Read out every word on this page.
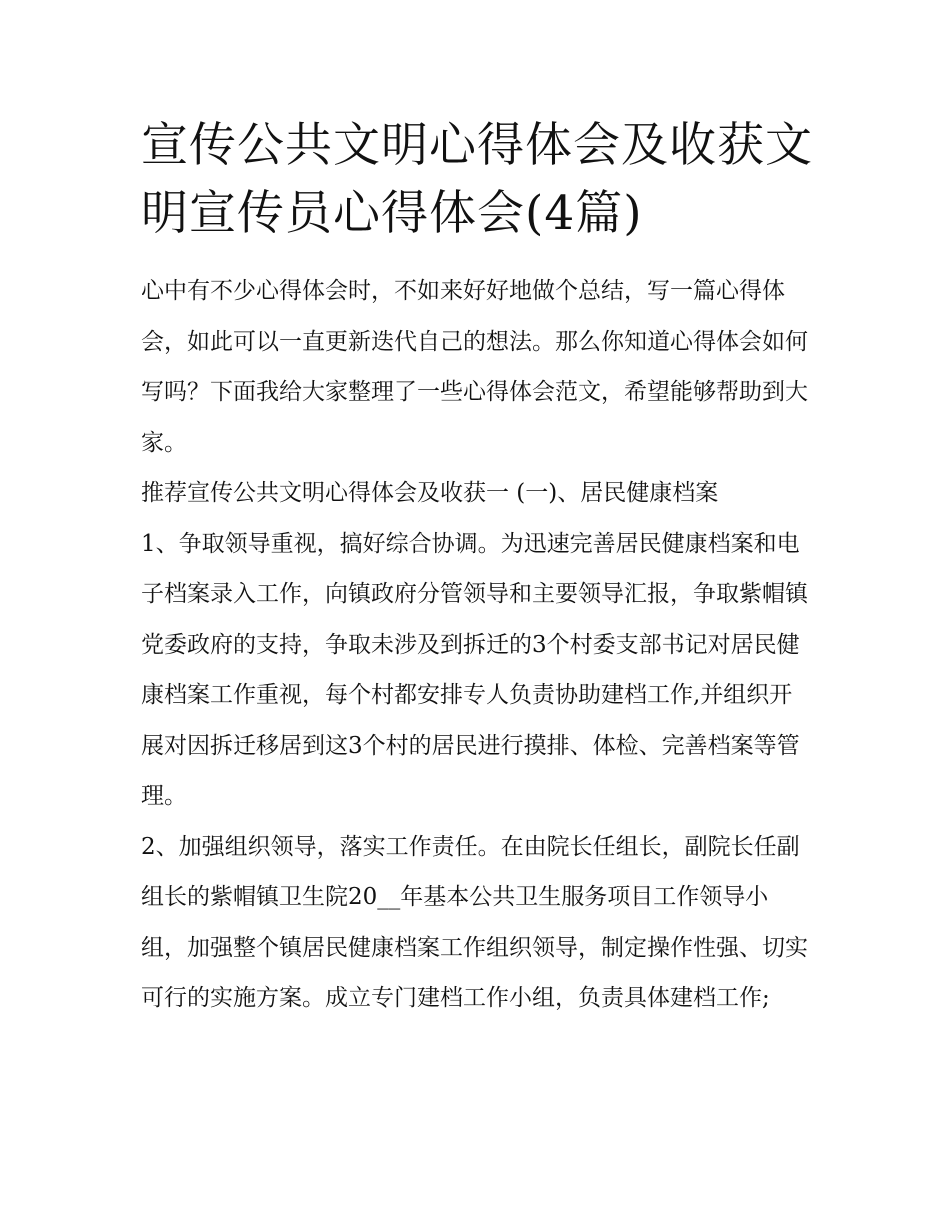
宣传公共文明心得体会及收获文明宣传员心得体会(4篇)

心中有不少心得体会时，不如来好好地做个总结，写一篇心得体会，如此可以一直更新迭代自己的想法。那么你知道心得体会如何写吗？下面我给大家整理了一些心得体会范文，希望能够帮助到大家。

推荐宣传公共文明心得体会及收获一 (一)、居民健康档案

1、争取领导重视，搞好综合协调。为迅速完善居民健康档案和电子档案录入工作，向镇政府分管领导和主要领导汇报，争取紫帽镇党委政府的支持，争取未涉及到拆迁的3个村委支部书记对居民健康档案工作重视，每个村都安排专人负责协助建档工作,并组织开展对因拆迁移居到这3个村的居民进行摸排、体检、完善档案等管理。

2、加强组织领导，落实工作责任。在由院长任组长，副院长任副组长的紫帽镇卫生院20__年基本公共卫生服务项目工作领导小组，加强整个镇居民健康档案工作组织领导，制定操作性强、切实可行的实施方案。成立专门建档工作小组，负责具体建档工作;
